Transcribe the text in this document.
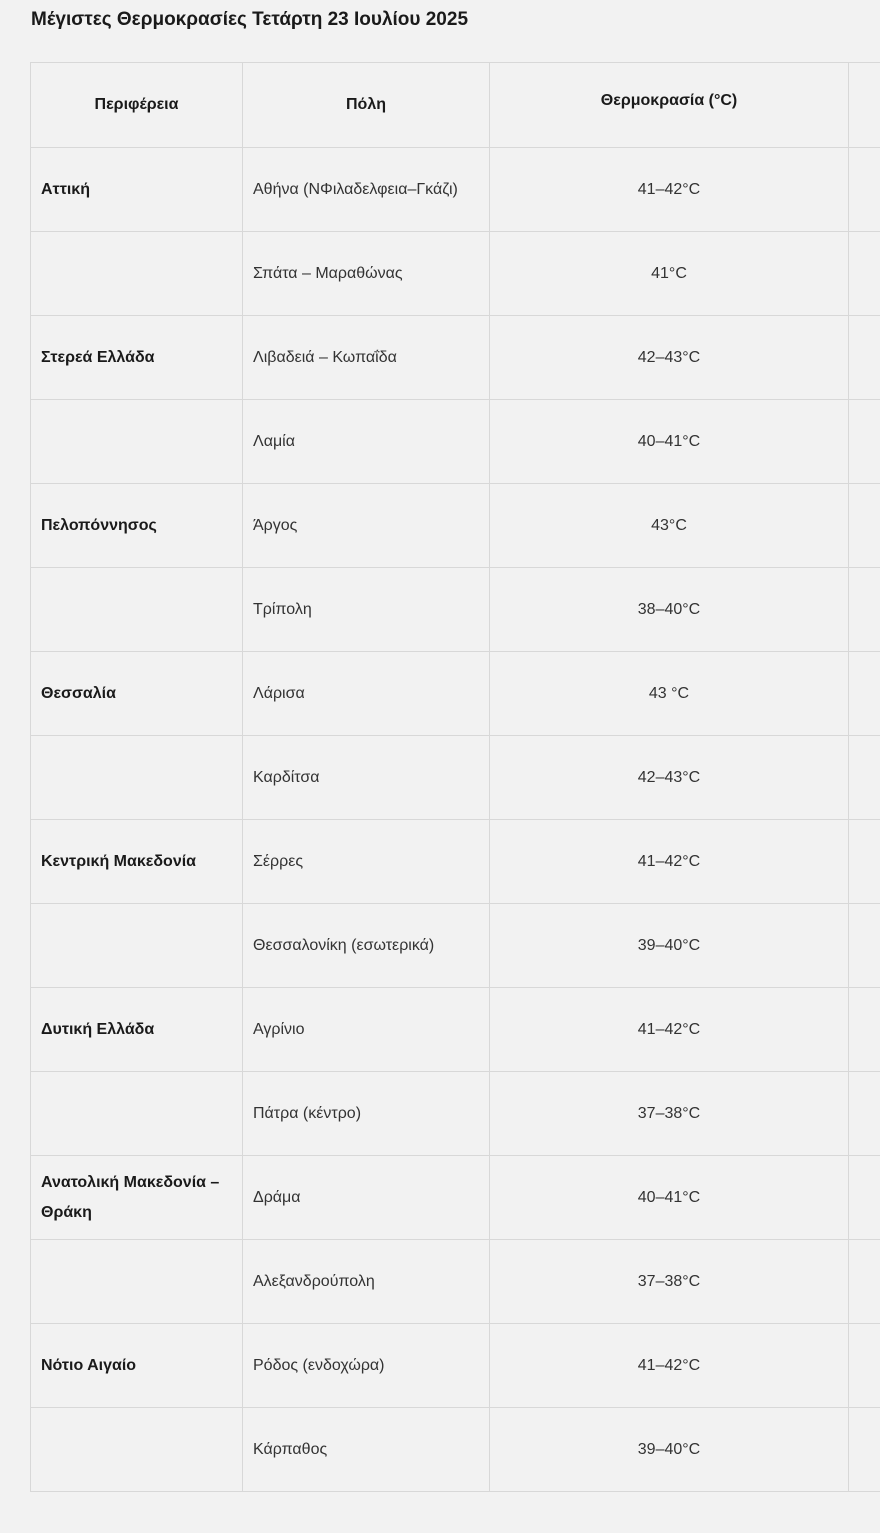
Μέγιστες Θερμοκρασίες Τετάρτη 23 Ιουλίου 2025
Περιφέρεια	Πόλη	Θερμοκρασία (°C)	
Αττική	Αθήνα (ΝΦιλαδελφεια–Γκάζι)	41–42°C	
	Σπάτα – Μαραθώνας	41°C	
Στερεά Ελλάδα	Λιβαδειά – Κωπαΐδα	42–43°C	
	Λαμία	40–41°C	
Πελοπόννησος	Άργος	43°C	
	Τρίπολη	38–40°C	
Θεσσαλία	Λάρισα	43 °C	
	Καρδίτσα	42–43°C	
Κεντρική Μακεδονία	Σέρρες	41–42°C	
	Θεσσαλονίκη (εσωτερικά)	39–40°C	
Δυτική Ελλάδα	Αγρίνιο	41–42°C	
	Πάτρα (κέντρο)	37–38°C	
Ανατολική Μακεδονία – Θράκη	Δράμα	40–41°C	
	Αλεξανδρούπολη	37–38°C	
Νότιο Αιγαίο	Ρόδος (ενδοχώρα)	41–42°C	
	Κάρπαθος	39–40°C	
